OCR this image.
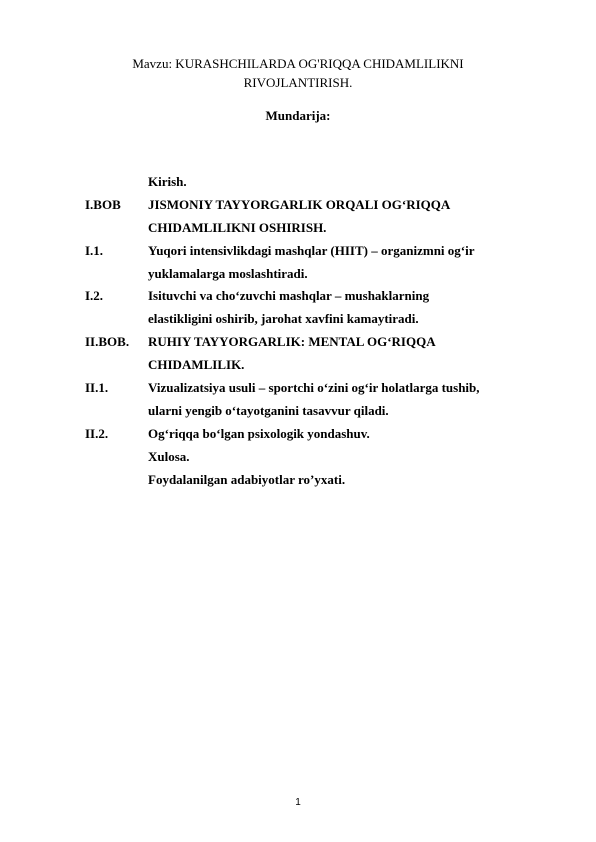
Mavzu: KURASHCHILARDA OG'RIQQA CHIDAMLILIKNI
RIVOJLANTIRISH.
Mundarija:
Kirish.
I.BOB JISMONIY TAYYORGARLIK ORQALI OG‘RIQQA
CHIDAMLILIKNI OSHIRISH.
I.1.	Yuqori intensivlikdagi mashqlar (HIIT) – organizmni og‘ir
yuklamalarga moslashtiradi.
I.2.	Isituvchi va cho‘zuvchi mashqlar – mushaklarning
elastikligini oshirib, jarohat xavfini kamaytiradi.
II.BOB. RUHIY TAYYORGARLIK: MENTAL OG‘RIQQA
CHIDAMLILIK.
II.1.	Vizualizatsiya usuli – sportchi o‘zini og‘ir holatlarga tushib,
ularni yengib o‘tayotganini tasavvur qiladi.
II.2.	Og‘riqqa bo‘lgan psixologik yondashuv.
Xulosa.
Foydalanilgan adabiyotlar ro’yxati.
1
